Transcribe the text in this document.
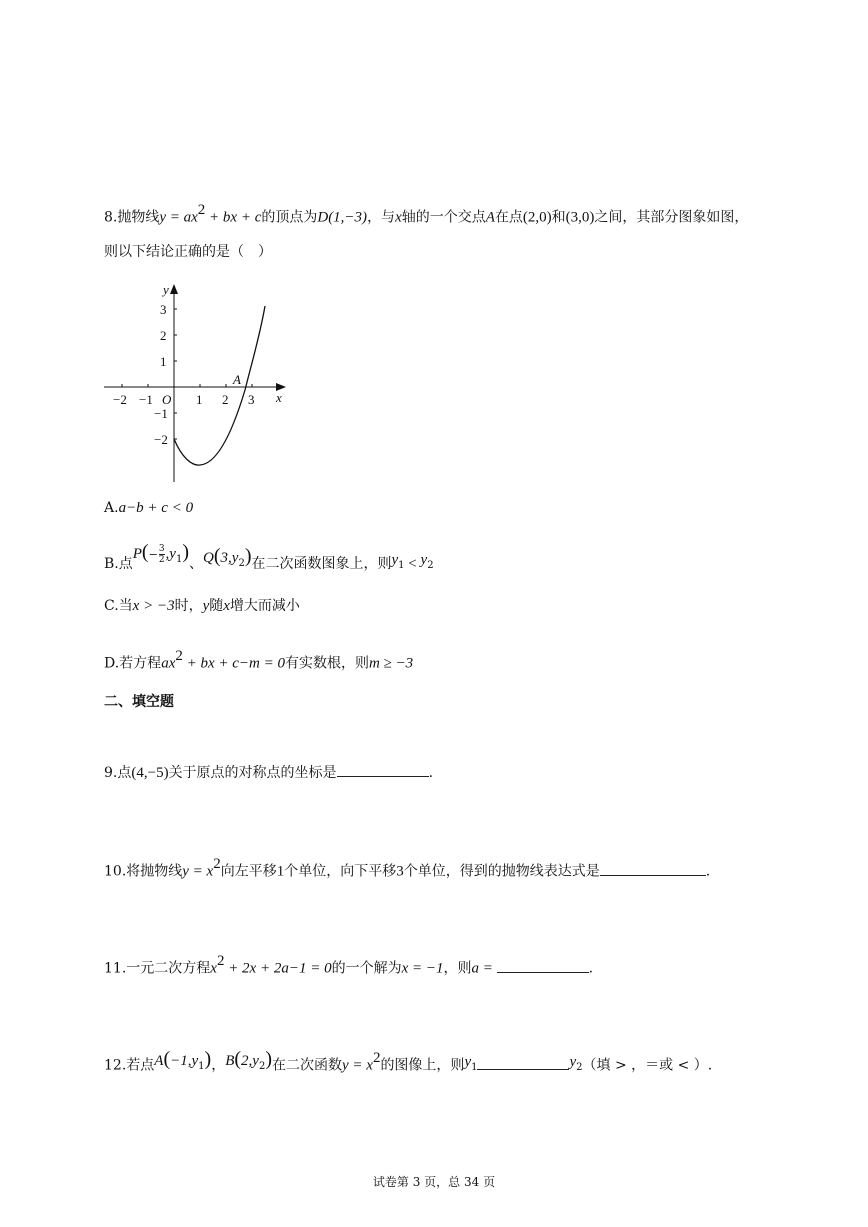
8.抛物线$y = ax^2$ + bx + c的顶点为D(1,−3)，与x轴的一个交点A在点(2,0)和(3,0)之间，其部分图象如图，
则以下结论正确的是（　）
−2 −1	1 2 3
3
2
1
−1
−2
O	x
y
A
A.a−b + c < 0
B.点$P(- \frac{3}{2} ,y_1)$、$Q(3,y_2)$在二次函数图象上，则$y_1 < y_2$
C.当x > −3时，y随x增大而减小
D.若方程$ax^2$ + bx + c−m = 0有实数根，则m ≥ −3
二、填空题
9.点(4,−5)关于原点的对称点的坐标是	.
10.将抛物线$y = x^2$向左平移1个单位，向下平移3个单位，得到的抛物线表达式是	.
11.一元二次方程$x^2 + 2x + 2a-1 = 0$的一个解为x = −1，则a =	.
12.若点$A(-1,y_1)$，$B(2,y_2)$在二次函数$y = x^2$的图像上，则$y_1$	$y_2$（填 > ，＝或 < ）.
试卷第 3 页，总 34 页
